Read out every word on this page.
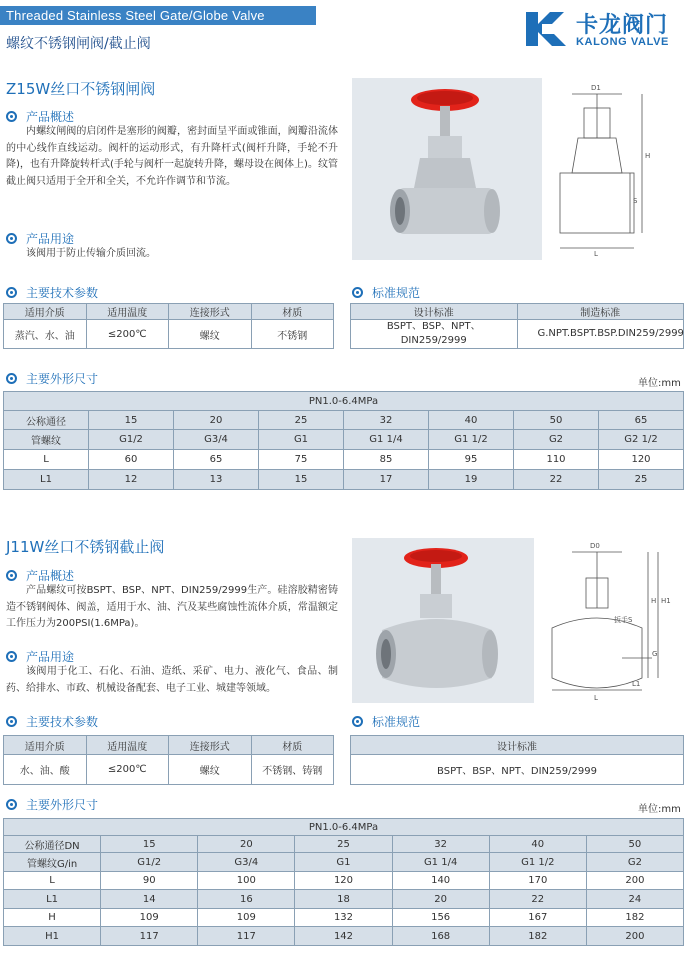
Threaded Stainless Steel Gate/Globe Valve
螺纹不锈钢闸阀/截止阀
卡龙阀门
KALONG VALVE
Z15W丝口不锈钢闸阀
产品概述
内螺纹闸阀的启闭件是塞形的阀瓣，密封面呈平面或锥面，阀瓣沿流体的中心线作直线运动。阀杆的运动形式，有升降杆式(阀杆升降，手轮不升降)，也有升降旋转杆式(手轮与阀杆一起旋转升降，螺母设在阀体上)。纹管截止阀只适用于全开和全关，不允许作调节和节流。
产品用途
该阀用于防止传输介质回流。
D1
H
S
L
主要技术参数
适用介质	适用温度	连接形式	材质
蒸汽、水、油	≤200℃	螺纹	不锈钢
标准规范
设计标准	制造标准
BSPT、BSP、NPT、DIN259/2999	G.NPT.BSPT.BSP.DIN259/2999
主要外形尺寸	单位:mm
PN1.0-6.4MPa							
公称通径	15	20	25	32	40	50	65
管螺纹	G1/2	G3/4	G1	G1 1/4	G1 1/2	G2	G2 1/2
L	60	65	75	85	95	110	120
L1	12	13	15	17	19	22	25
J11W丝口不锈钢截止阀
产品概述
产品螺纹可按BSPT、BSP、NPT、DIN259/2999生产。硅溶胶精密铸造不锈钢阀体、阀盖，适用于水、油、汽及某些腐蚀性流体介质，常温额定工作压力为200PSI(1.6MPa)。
产品用途
该阀用于化工、石化、石油、造纸、采矿、电力、液化气、食品、制药、给排水、市政、机械设备配套、电子工业、城建等领域。
D0
H H1
扳手S
G
L
L1
主要技术参数
适用介质	适用温度	连接形式	材质
水、油、酸	≤200℃	螺纹	不锈钢、铸钢
标准规范
设计标准
BSPT、BSP、NPT、DIN259/2999
主要外形尺寸	单位:mm
PN1.0-6.4MPa						
公称通径DN	15	20	25	32	40	50
管螺纹G/in	G1/2	G3/4	G1	G1 1/4	G1 1/2	G2
L	90	100	120	140	170	200
L1	14	16	18	20	22	24
H	109	109	132	156	167	182
H1	117	117	142	168	182	200
